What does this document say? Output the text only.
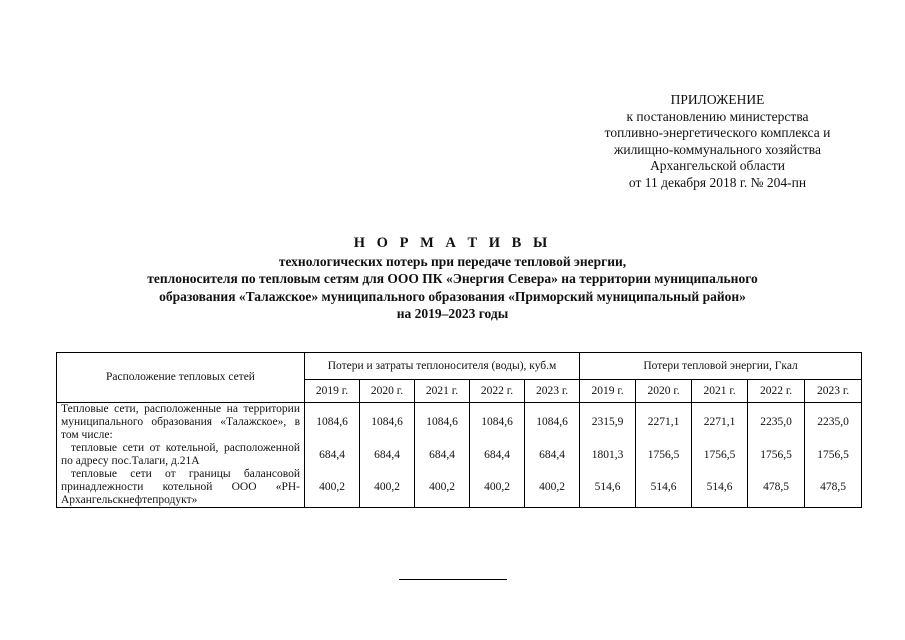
ПРИЛОЖЕНИЕ
к постановлению министерства
топливно-энергетического комплекса и
жилищно-коммунального хозяйства
Архангельской области
от 11 декабря 2018 г. № 204-пн
Н О Р М А Т И В Ы
технологических потерь при передаче тепловой энергии,
теплоносителя по тепловым сетям для ООО ПК «Энергия Севера» на территории муниципального
образования «Талажское» муниципального образования «Приморский муниципальный район»
на 2019–2023 годы
Расположение тепловых сетей	Потери и затраты теплоносителя (воды), куб.м					Потери тепловой энергии, Гкал				
	2019 г.	2020 г.	2021 г.	2022 г.	2023 г.	2019 г.	2020 г.	2021 г.	2022 г.	2023 г.
Тепловые сети, расположенные на территории муниципального образования «Талажское», в том числе:	1084,6	1084,6	1084,6	1084,6	1084,6	2315,9	2271,1	2271,1	2235,0	2235,0
тепловые сети от котельной, расположенной по адресу пос.Талаги, д.21А	684,4	684,4	684,4	684,4	684,4	1801,3	1756,5	1756,5	1756,5	1756,5
тепловые сети от границы балансовой принадлежности котельной ООО «РН-Архангельскнефтепродукт»	400,2	400,2	400,2	400,2	400,2	514,6	514,6	514,6	478,5	478,5
